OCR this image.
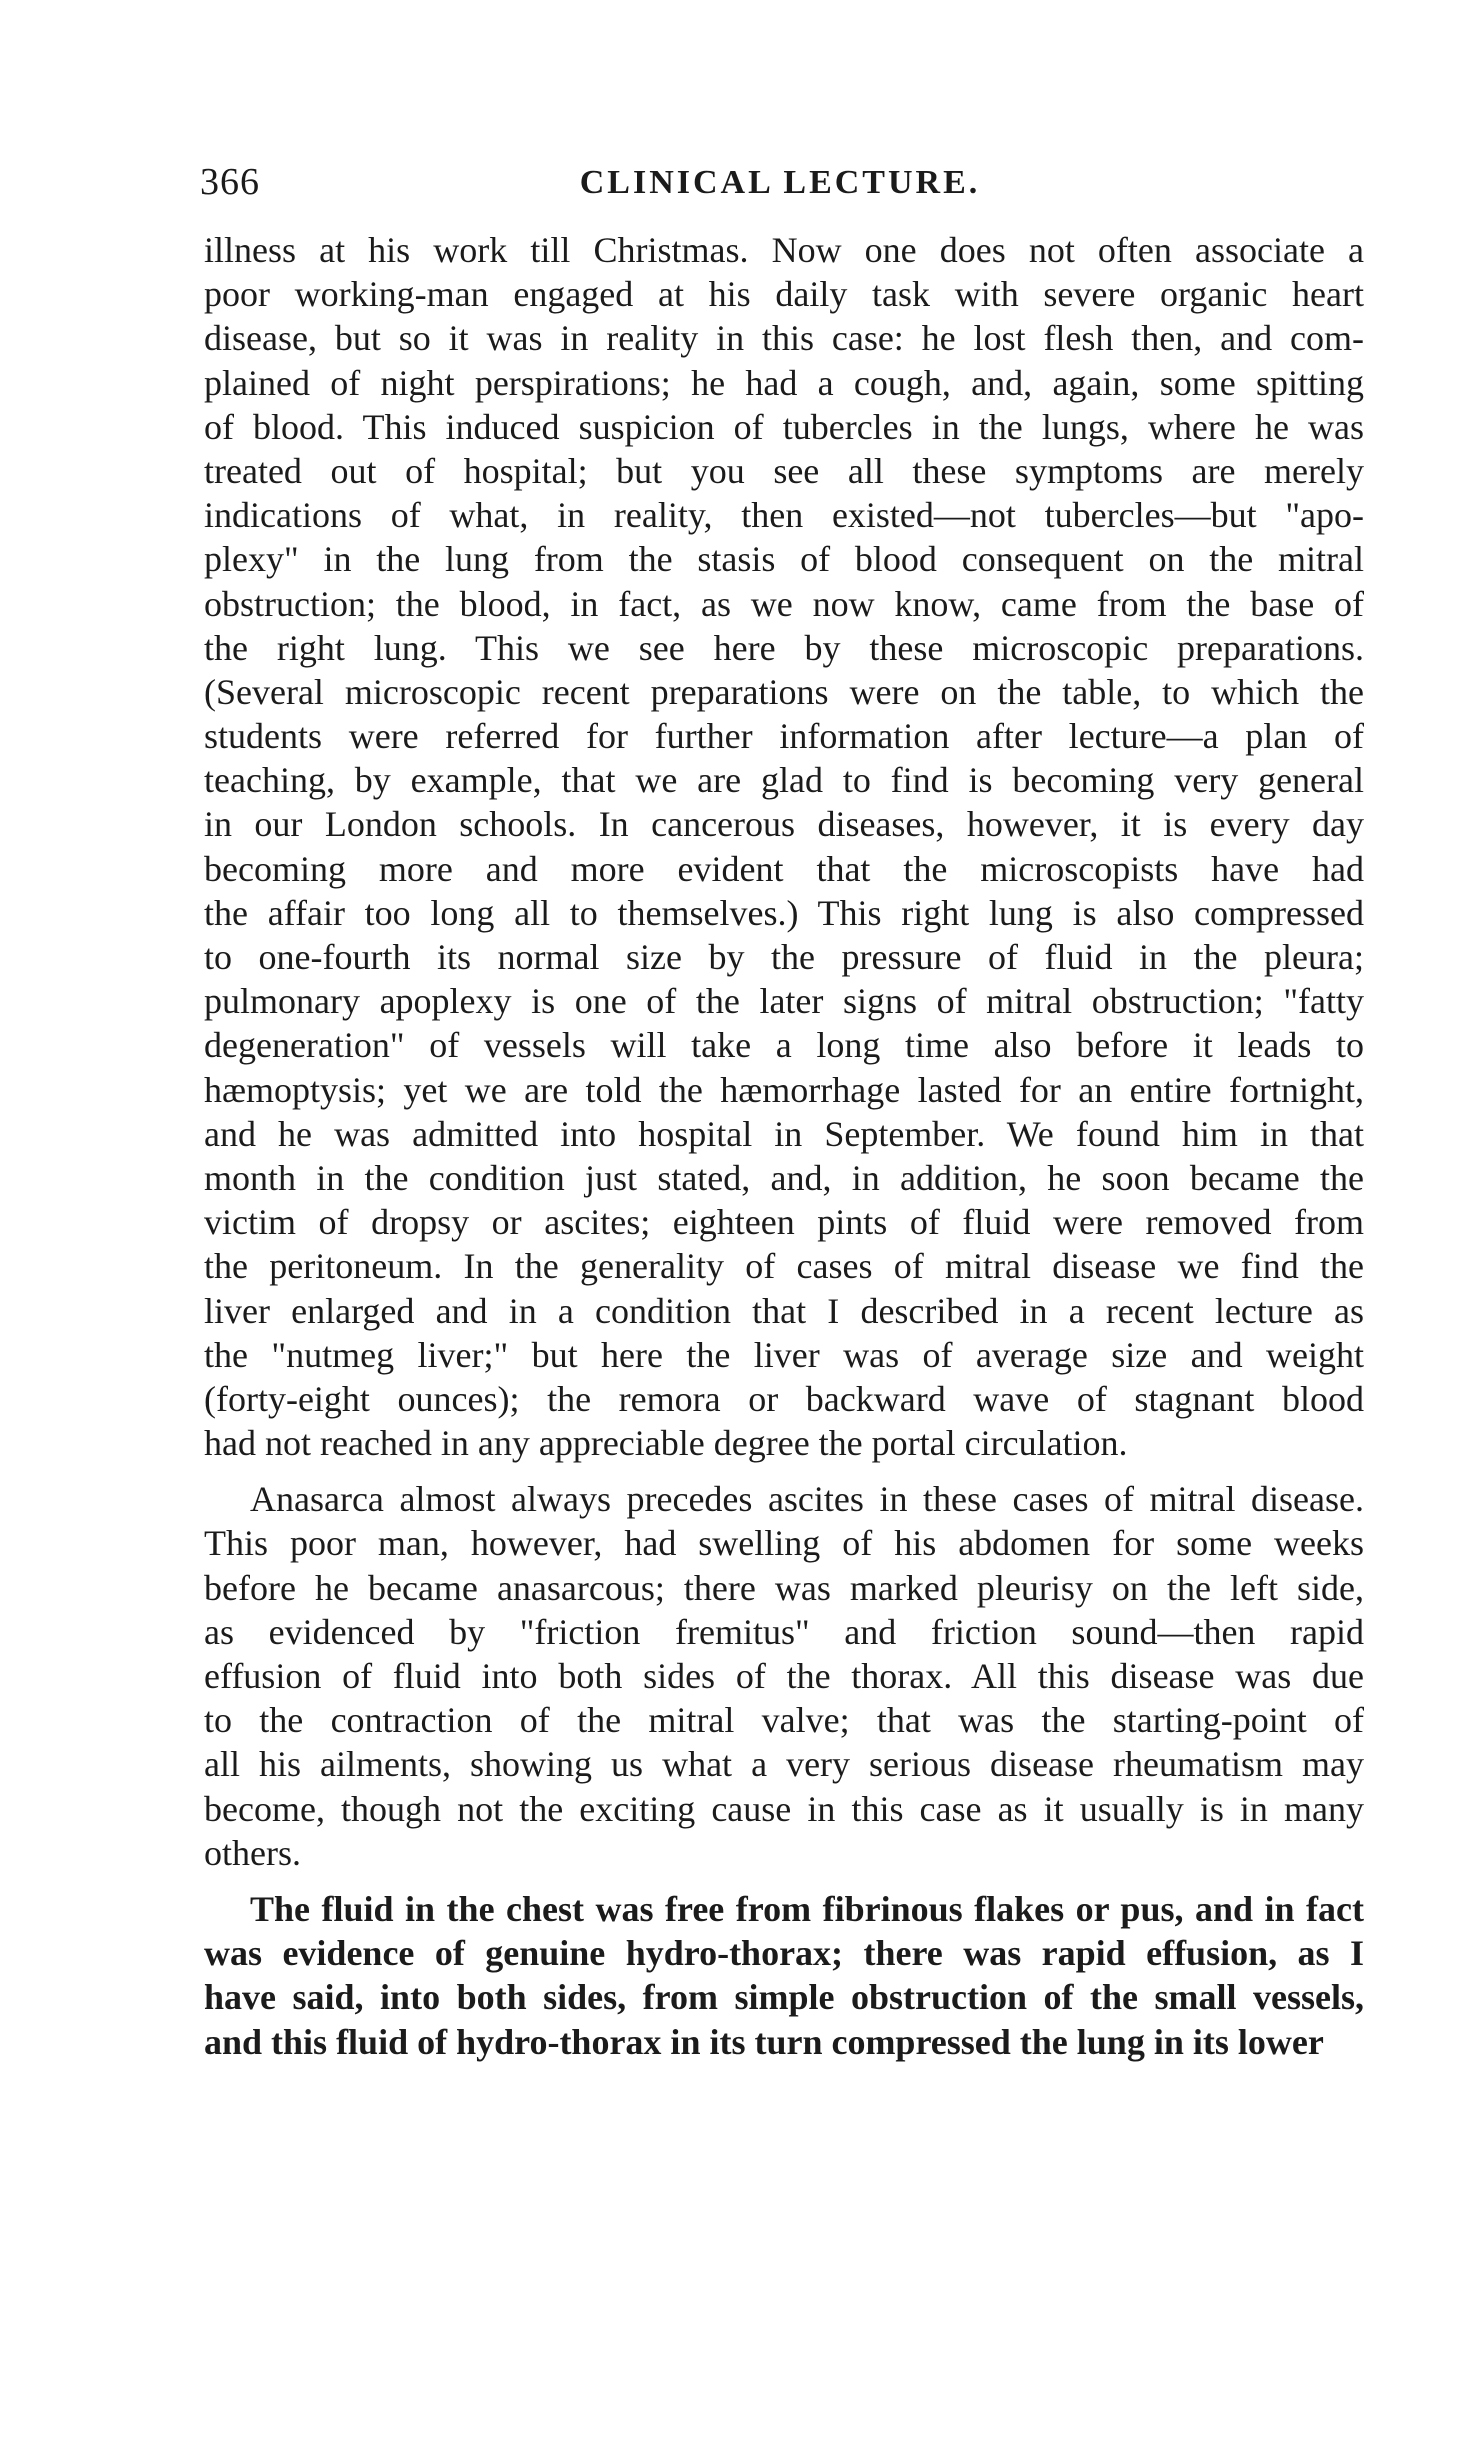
366	CLINICAL LECTURE.
illness at his work till Christmas. Now one does not often associate a
poor working-man engaged at his daily task with severe organic heart
disease, but so it was in reality in this case: he lost flesh then, and com-
plained of night perspirations; he had a cough, and, again, some spitting
of blood. This induced suspicion of tubercles in the lungs, where he was
treated out of hospital; but you see all these symptoms are merely
indications of what, in reality, then existed—not tubercles—but "apo-
plexy" in the lung from the stasis of blood consequent on the mitral
obstruction; the blood, in fact, as we now know, came from the base of
the right lung. This we see here by these microscopic preparations.
(Several microscopic recent preparations were on the table, to which the
students were referred for further information after lecture—a plan of
teaching, by example, that we are glad to find is becoming very general
in our London schools. In cancerous diseases, however, it is every day
becoming more and more evident that the microscopists have had
the affair too long all to themselves.) This right lung is also compressed
to one-fourth its normal size by the pressure of fluid in the pleura;
pulmonary apoplexy is one of the later signs of mitral obstruction; "fatty
degeneration" of vessels will take a long time also before it leads to
hæmoptysis; yet we are told the hæmorrhage lasted for an entire fortnight,
and he was admitted into hospital in September. We found him in that
month in the condition just stated, and, in addition, he soon became the
victim of dropsy or ascites; eighteen pints of fluid were removed from
the peritoneum. In the generality of cases of mitral disease we find the
liver enlarged and in a condition that I described in a recent lecture as
the "nutmeg liver;" but here the liver was of average size and weight
(forty-eight ounces); the remora or backward wave of stagnant blood
had not reached in any appreciable degree the portal circulation.
Anasarca almost always precedes ascites in these cases of mitral disease.
This poor man, however, had swelling of his abdomen for some weeks
before he became anasarcous; there was marked pleurisy on the left side,
as evidenced by "friction fremitus" and friction sound—then rapid
effusion of fluid into both sides of the thorax. All this disease was due
to the contraction of the mitral valve; that was the starting-point of
all his ailments, showing us what a very serious disease rheumatism may
become, though not the exciting cause in this case as it usually is in many
others.
The fluid in the chest was free from fibrinous flakes or pus, and in fact
was evidence of genuine hydro-thorax; there was rapid effusion, as I
have said, into both sides, from simple obstruction of the small vessels,
and this fluid of hydro-thorax in its turn compressed the lung in its lower
